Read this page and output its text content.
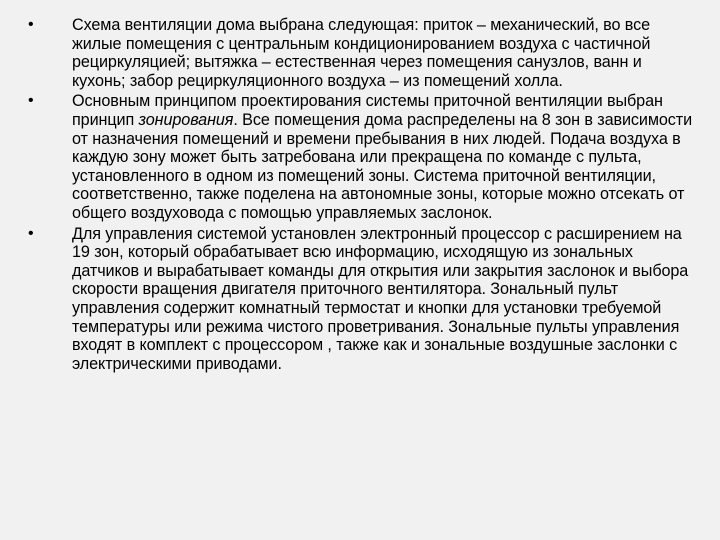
•	Схема вентиляции дома выбрана следующая: приток – механический, во все жилые помещения с центральным кондиционированием воздуха с частичной рециркуляцией; вытяжка – естественная через помещения санузлов, ванн и кухонь; забор рециркуляционного воздуха – из помещений холла.
•	Основным принципом проектирования системы приточной вентиляции выбран принцип зонирования. Все помещения дома распределены на 8 зон в зависимости от назначения помещений и времени пребывания в них людей. Подача воздуха в каждую зону может быть затребована или прекращена по команде с пульта, установленного в одном из помещений зоны. Система приточной вентиляции, соответственно, также поделена на автономные зоны, которые можно отсекать от общего воздуховода с помощью управляемых заслонок.
•	Для управления системой установлен электронный процессор с расширением на 19 зон, который обрабатывает всю информацию, исходящую из зональных датчиков и вырабатывает команды для открытия или закрытия заслонок и выбора скорости вращения двигателя приточного вентилятора. Зональный пульт управления содержит комнатный термостат и кнопки для установки требуемой температуры или режима чистого проветривания. Зональные пульты управления входят в комплект с процессором , также как и зональные воздушные заслонки с электрическими приводами.
